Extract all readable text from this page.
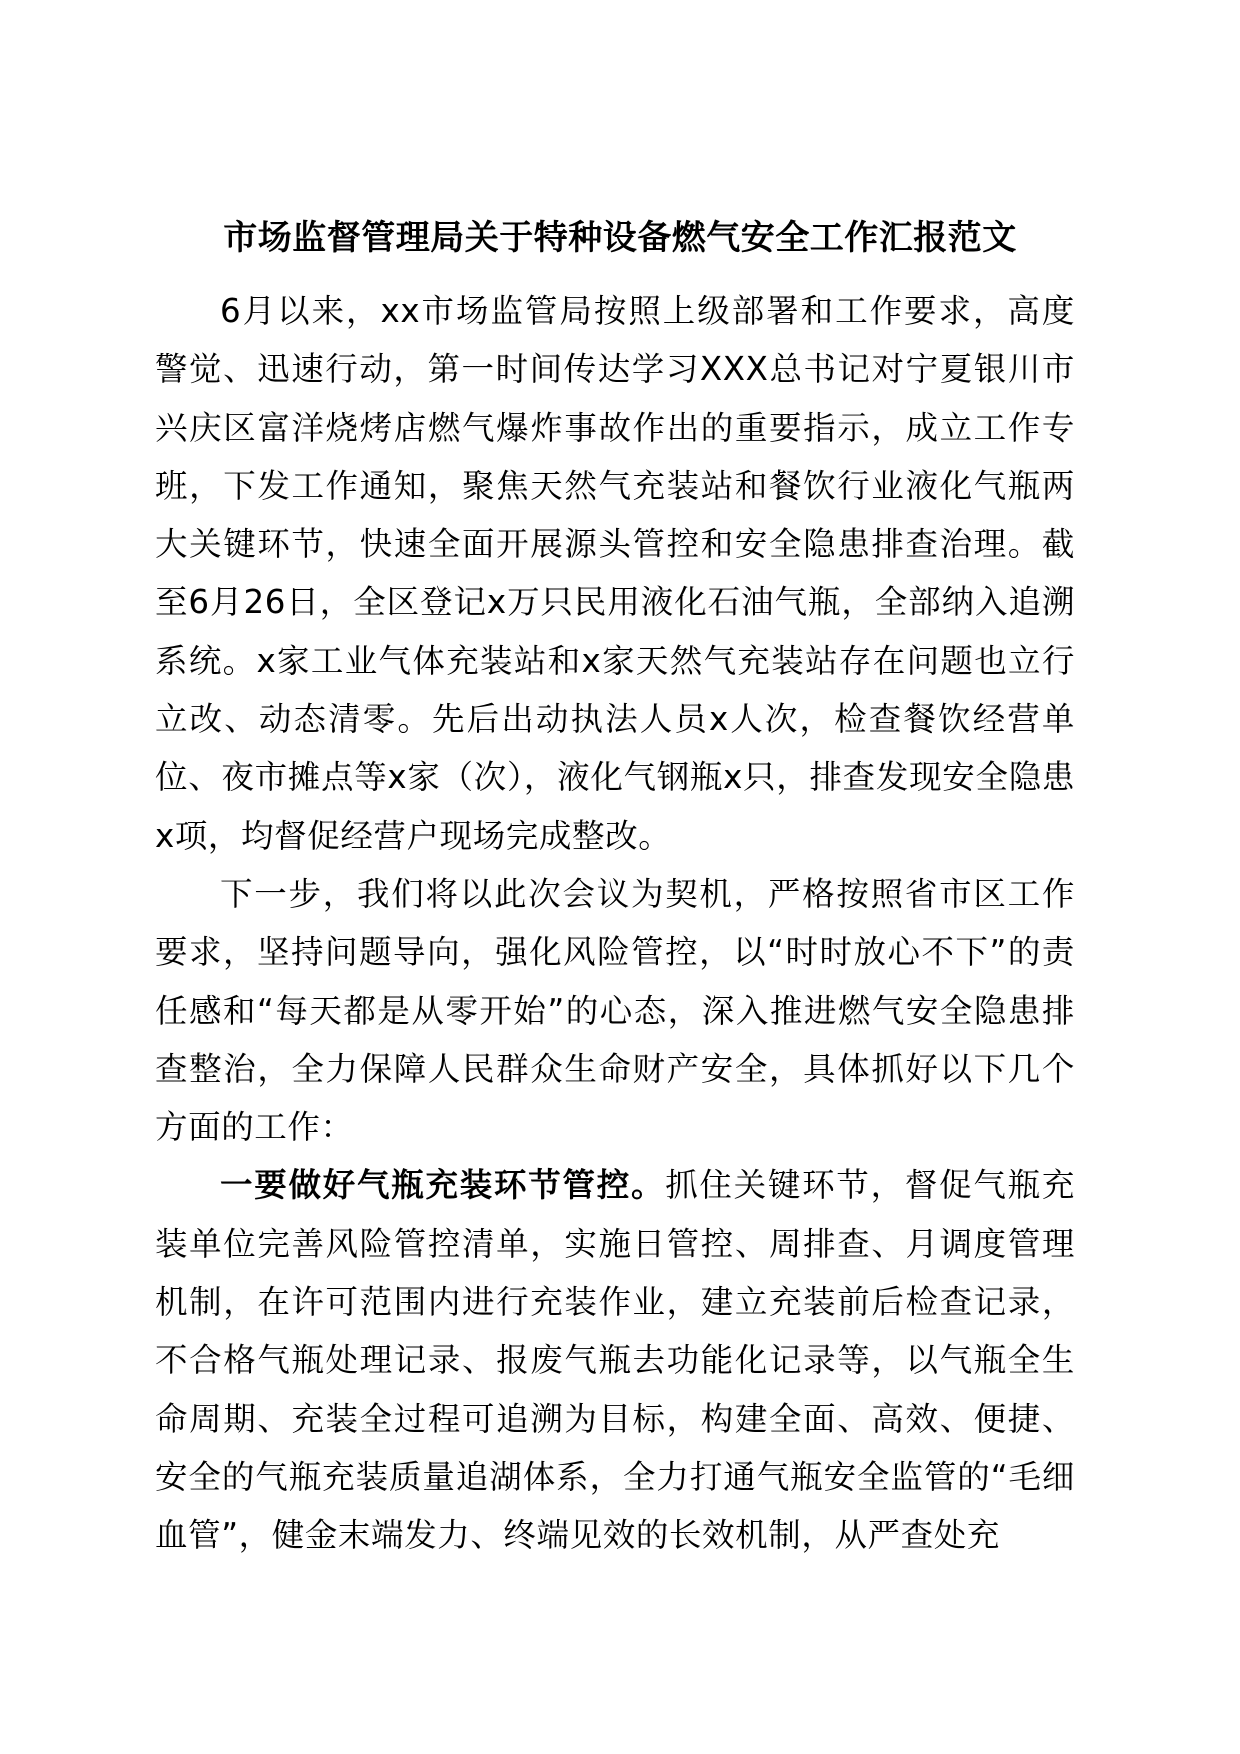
市场监督管理局关于特种设备燃气安全工作汇报范文

6月以来，xx市场监管局按照上级部署和工作要求，高度警觉、迅速行动，第一时间传达学习XXX总书记对宁夏银川市兴庆区富洋烧烤店燃气爆炸事故作出的重要指示，成立工作专班，下发工作通知，聚焦天然气充装站和餐饮行业液化气瓶两大关键环节，快速全面开展源头管控和安全隐患排查治理。截至6月26日，全区登记x万只民用液化石油气瓶，全部纳入追溯系统。x家工业气体充装站和x家天然气充装站存在问题也立行立改、动态清零。先后出动执法人员x人次，检查餐饮经营单位、夜市摊点等x家（次），液化气钢瓶x只，排查发现安全隐患x项，均督促经营户现场完成整改。

下一步，我们将以此次会议为契机，严格按照省市区工作要求，坚持问题导向，强化风险管控，以“时时放心不下”的责任感和“每天都是从零开始”的心态，深入推进燃气安全隐患排查整治，全力保障人民群众生命财产安全，具体抓好以下几个方面的工作：

一要做好气瓶充装环节管控。抓住关键环节，督促气瓶充装单位完善风险管控清单，实施日管控、周排查、月调度管理机制，在许可范围内进行充装作业，建立充装前后检查记录，不合格气瓶处理记录、报废气瓶去功能化记录等，以气瓶全生命周期、充装全过程可追溯为目标，构建全面、高效、便捷、安全的气瓶充装质量追湖体系，全力打通气瓶安全监管的“毛细血管”，健金末端发力、终端见效的长效机制，从严查处充
